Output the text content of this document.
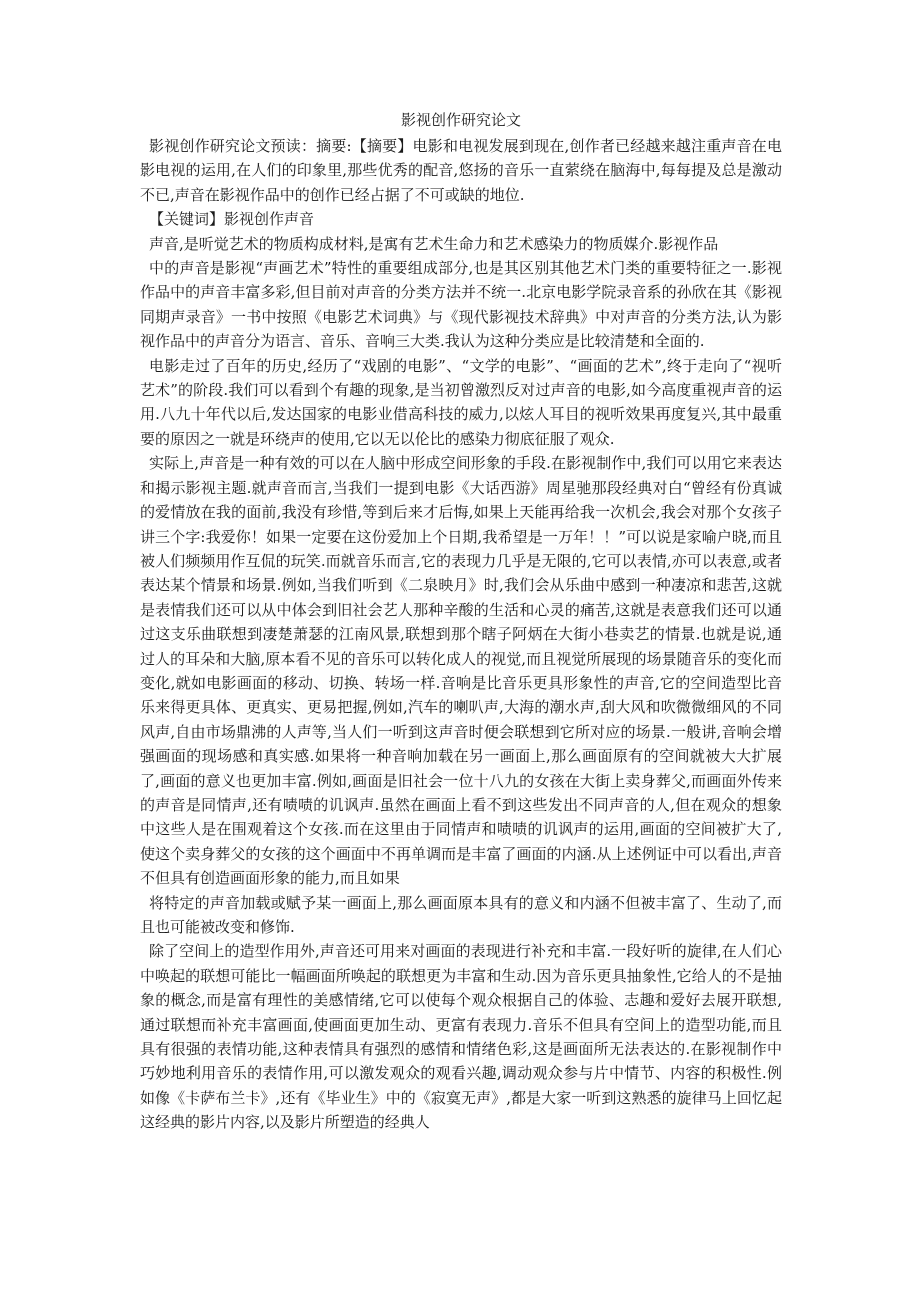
影视创作研究论文

影视创作研究论文预读：摘要:【摘要】电影和电视发展到现在,创作者已经越来越注重声音在电影电视的运用,在人们的印象里,那些优秀的配音,悠扬的音乐一直萦绕在脑海中,每每提及总是激动不已,声音在影视作品中的创作已经占据了不可或缺的地位.

【关键词】影视创作声音

声音,是听觉艺术的物质构成材料,是寓有艺术生命力和艺术感染力的物质媒介.影视作品

中的声音是影视“声画艺术”特性的重要组成部分,也是其区别其他艺术门类的重要特征之一.影视作品中的声音丰富多彩,但目前对声音的分类方法并不统一.北京电影学院录音系的孙欣在其《影视同期声录音》一书中按照《电影艺术词典》与《现代影视技术辞典》中对声音的分类方法,认为影视作品中的声音分为语言、音乐、音响三大类.我认为这种分类应是比较清楚和全面的.

电影走过了百年的历史,经历了“戏剧的电影”、“文学的电影”、“画面的艺术”,终于走向了“视听艺术”的阶段.我们可以看到个有趣的现象,是当初曾激烈反对过声音的电影,如今高度重视声音的运用.八九十年代以后,发达国家的电影业借高科技的威力,以炫人耳目的视听效果再度复兴,其中最重要的原因之一就是环绕声的使用,它以无以伦比的感染力彻底征服了观众.

实际上,声音是一种有效的可以在人脑中形成空间形象的手段.在影视制作中,我们可以用它来表达和揭示影视主题.就声音而言,当我们一提到电影《大话西游》周星驰那段经典对白“曾经有份真诚的爱情放在我的面前,我没有珍惜,等到后来才后悔,如果上天能再给我一次机会,我会对那个女孩子讲三个字:我爱你！如果一定要在这份爱加上个日期,我希望是一万年！！”可以说是家喻户晓,而且被人们频频用作互侃的玩笑.而就音乐而言,它的表现力几乎是无限的,它可以表情,亦可以表意,或者表达某个情景和场景.例如,当我们听到《二泉映月》时,我们会从乐曲中感到一种凄凉和悲苦,这就是表情我们还可以从中体会到旧社会艺人那种辛酸的生活和心灵的痛苦,这就是表意我们还可以通过这支乐曲联想到凄楚萧瑟的江南风景,联想到那个瞎子阿炳在大街小巷卖艺的情景.也就是说,通过人的耳朵和大脑,原本看不见的音乐可以转化成人的视觉,而且视觉所展现的场景随音乐的变化而变化,就如电影画面的移动、切换、转场一样.音响是比音乐更具形象性的声音,它的空间造型比音乐来得更具体、更真实、更易把握,例如,汽车的喇叭声,大海的潮水声,刮大风和吹微微细风的不同风声,自由市场鼎沸的人声等,当人们一听到这声音时便会联想到它所对应的场景.一般讲,音响会增强画面的现场感和真实感.如果将一种音响加载在另一画面上,那么画面原有的空间就被大大扩展了,画面的意义也更加丰富.例如,画面是旧社会一位十八九的女孩在大街上卖身葬父,而画面外传来的声音是同情声,还有啧啧的讥讽声.虽然在画面上看不到这些发出不同声音的人,但在观众的想象中这些人是在围观着这个女孩.而在这里由于同情声和啧啧的讥讽声的运用,画面的空间被扩大了,使这个卖身葬父的女孩的这个画面中不再单调而是丰富了画面的内涵.从上述例证中可以看出,声音不但具有创造画面形象的能力,而且如果

将特定的声音加载或赋予某一画面上,那么画面原本具有的意义和内涵不但被丰富了、生动了,而且也可能被改变和修饰.

除了空间上的造型作用外,声音还可用来对画面的表现进行补充和丰富.一段好听的旋律,在人们心中唤起的联想可能比一幅画面所唤起的联想更为丰富和生动.因为音乐更具抽象性,它给人的不是抽象的概念,而是富有理性的美感情绪,它可以使每个观众根据自己的体验、志趣和爱好去展开联想,通过联想而补充丰富画面,使画面更加生动、更富有表现力.音乐不但具有空间上的造型功能,而且具有很强的表情功能,这种表情具有强烈的感情和情绪色彩,这是画面所无法表达的.在影视制作中巧妙地利用音乐的表情作用,可以激发观众的观看兴趣,调动观众参与片中情节、内容的积极性.例如像《卡萨布兰卡》,还有《毕业生》中的《寂寞无声》,都是大家一听到这熟悉的旋律马上回忆起这经典的影片内容,以及影片所塑造的经典人
